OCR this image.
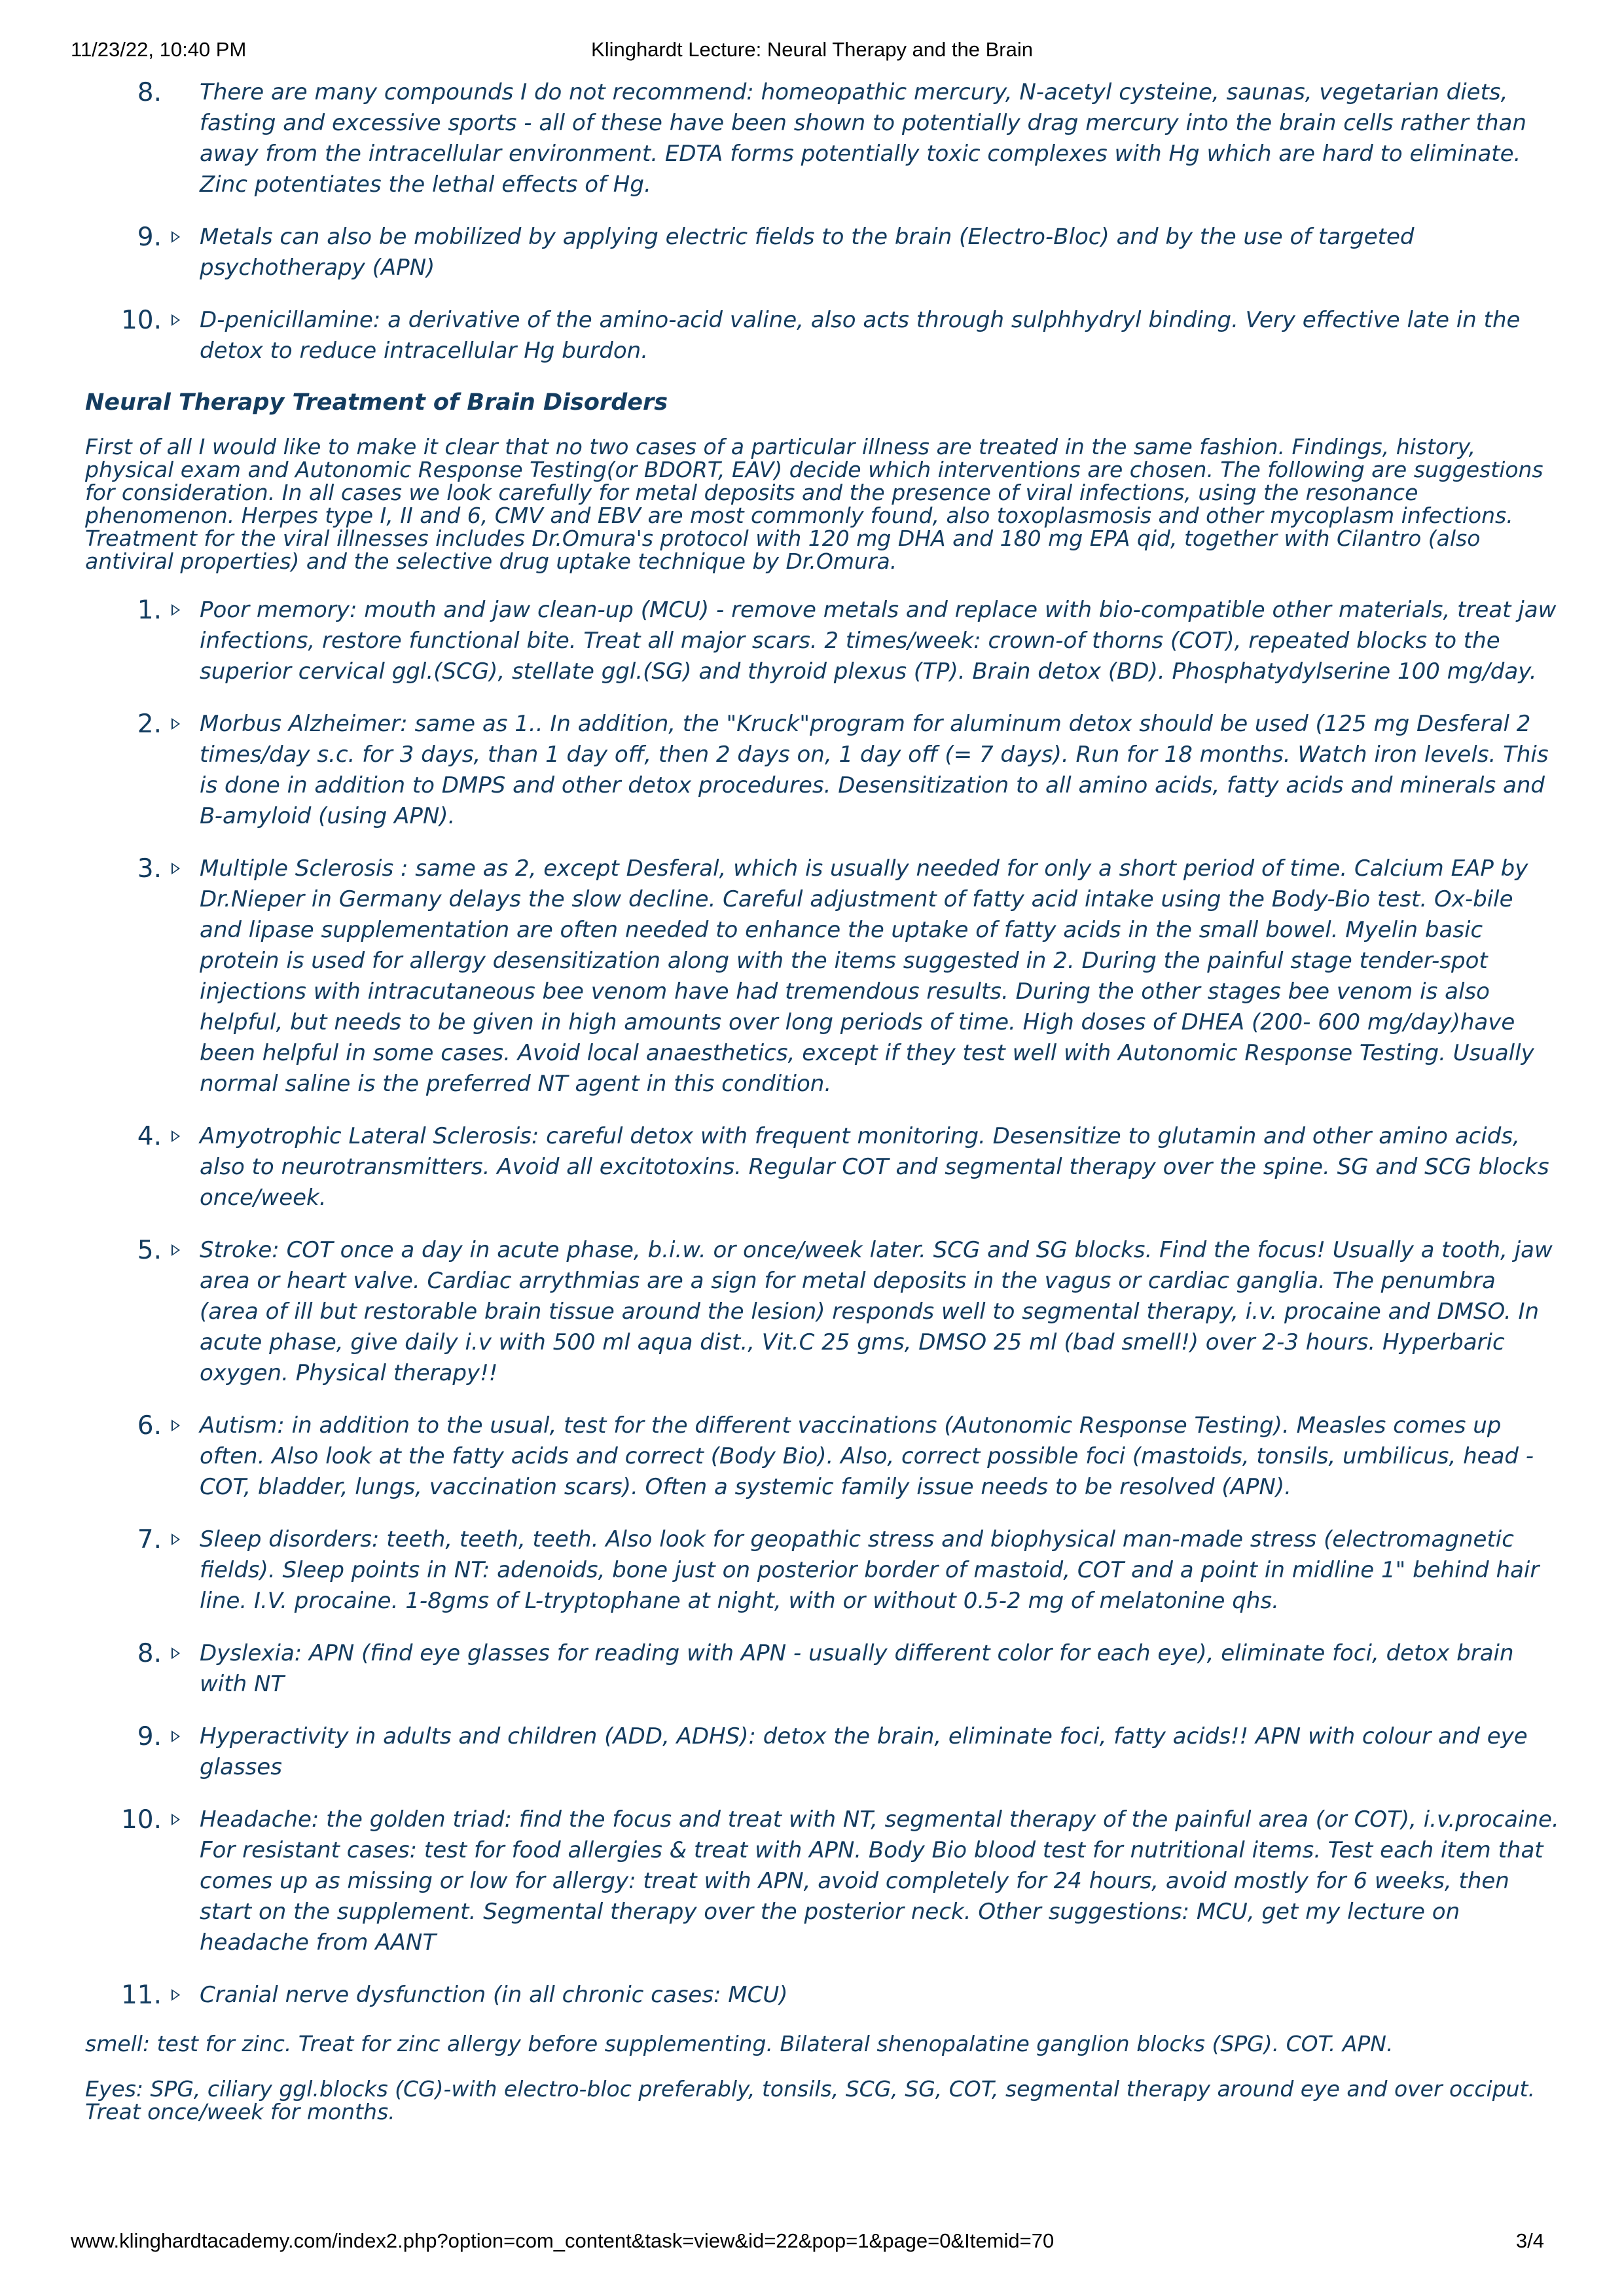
11/23/22, 10:40 PM	Klinghardt Lecture: Neural Therapy and the Brain
8. There are many compounds I do not recommend: homeopathic mercury, N-acetyl cysteine, saunas, vegetarian diets, fasting and excessive sports - all of these have been shown to potentially drag mercury into the brain cells rather than away from the intracellular environment. EDTA forms potentially toxic complexes with Hg which are hard to eliminate. Zinc potentiates the lethal effects of Hg.
9. Metals can also be mobilized by applying electric fields to the brain (Electro-Bloc) and by the use of targeted psychotherapy (APN)
10. D-penicillamine: a derivative of the amino-acid valine, also acts through sulphhydryl binding. Very effective late in the detox to reduce intracellular Hg burdon.
Neural Therapy Treatment of Brain Disorders

First of all I would like to make it clear that no two cases of a particular illness are treated in the same fashion. Findings, history, physical exam and Autonomic Response Testing(or BDORT, EAV) decide which interventions are chosen. The following are suggestions for consideration. In all cases we look carefully for metal deposits and the presence of viral infections, using the resonance phenomenon. Herpes type I, II and 6, CMV and EBV are most commonly found, also toxoplasmosis and other mycoplasm infections. Treatment for the viral illnesses includes Dr.Omura's protocol with 120 mg DHA and 180 mg EPA qid, together with Cilantro (also antiviral properties) and the selective drug uptake technique by Dr.Omura.

1. Poor memory: mouth and jaw clean-up (MCU) - remove metals and replace with bio-compatible other materials, treat jaw infections, restore functional bite. Treat all major scars. 2 times/week: crown-of thorns (COT), repeated blocks to the superior cervical ggl.(SCG), stellate ggl.(SG) and thyroid plexus (TP). Brain detox (BD). Phosphatydylserine 100 mg/day.
2. Morbus Alzheimer: same as 1.. In addition, the "Kruck"program for aluminum detox should be used (125 mg Desferal 2 times/day s.c. for 3 days, than 1 day off, then 2 days on, 1 day off (= 7 days). Run for 18 months. Watch iron levels. This is done in addition to DMPS and other detox procedures. Desensitization to all amino acids, fatty acids and minerals and B-amyloid (using APN).
3. Multiple Sclerosis : same as 2, except Desferal, which is usually needed for only a short period of time. Calcium EAP by Dr.Nieper in Germany delays the slow decline. Careful adjustment of fatty acid intake using the Body-Bio test. Ox-bile and lipase supplementation are often needed to enhance the uptake of fatty acids in the small bowel. Myelin basic protein is used for allergy desensitization along with the items suggested in 2. During the painful stage tender-spot injections with intracutaneous bee venom have had tremendous results. During the other stages bee venom is also helpful, but needs to be given in high amounts over long periods of time. High doses of DHEA (200- 600 mg/day)have been helpful in some cases. Avoid local anaesthetics, except if they test well with Autonomic Response Testing. Usually normal saline is the preferred NT agent in this condition.
4. Amyotrophic Lateral Sclerosis: careful detox with frequent monitoring. Desensitize to glutamin and other amino acids, also to neurotransmitters. Avoid all excitotoxins. Regular COT and segmental therapy over the spine. SG and SCG blocks once/week.
5. Stroke: COT once a day in acute phase, b.i.w. or once/week later. SCG and SG blocks. Find the focus! Usually a tooth, jaw area or heart valve. Cardiac arrythmias are a sign for metal deposits in the vagus or cardiac ganglia. The penumbra (area of ill but restorable brain tissue around the lesion) responds well to segmental therapy, i.v. procaine and DMSO. In acute phase, give daily i.v with 500 ml aqua dist., Vit.C 25 gms, DMSO 25 ml (bad smell!) over 2-3 hours. Hyperbaric oxygen. Physical therapy!!
6. Autism: in addition to the usual, test for the different vaccinations (Autonomic Response Testing). Measles comes up often. Also look at the fatty acids and correct (Body Bio). Also, correct possible foci (mastoids, tonsils, umbilicus, head - COT, bladder, lungs, vaccination scars). Often a systemic family issue needs to be resolved (APN).
7. Sleep disorders: teeth, teeth, teeth. Also look for geopathic stress and biophysical man-made stress (electromagnetic fields). Sleep points in NT: adenoids, bone just on posterior border of mastoid, COT and a point in midline 1" behind hair line. I.V. procaine. 1-8gms of L-tryptophane at night, with or without 0.5-2 mg of melatonine qhs.
8. Dyslexia: APN (find eye glasses for reading with APN - usually different color for each eye), eliminate foci, detox brain with NT
9. Hyperactivity in adults and children (ADD, ADHS): detox the brain, eliminate foci, fatty acids!! APN with colour and eye glasses
10. Headache: the golden triad: find the focus and treat with NT, segmental therapy of the painful area (or COT), i.v.procaine. For resistant cases: test for food allergies & treat with APN. Body Bio blood test for nutritional items. Test each item that comes up as missing or low for allergy: treat with APN, avoid completely for 24 hours, avoid mostly for 6 weeks, then start on the supplement. Segmental therapy over the posterior neck. Other suggestions: MCU, get my lecture on headache from AANT
11. Cranial nerve dysfunction (in all chronic cases: MCU)

smell: test for zinc. Treat for zinc allergy before supplementing. Bilateral shenopalatine ganglion blocks (SPG). COT. APN.

Eyes: SPG, ciliary ggl.blocks (CG)-with electro-bloc preferably, tonsils, SCG, SG, COT, segmental therapy around eye and over occiput. Treat once/week for months.

www.klinghardtacademy.com/index2.php?option=com_content&task=view&id=22&pop=1&page=0&Itemid=70	3/4
